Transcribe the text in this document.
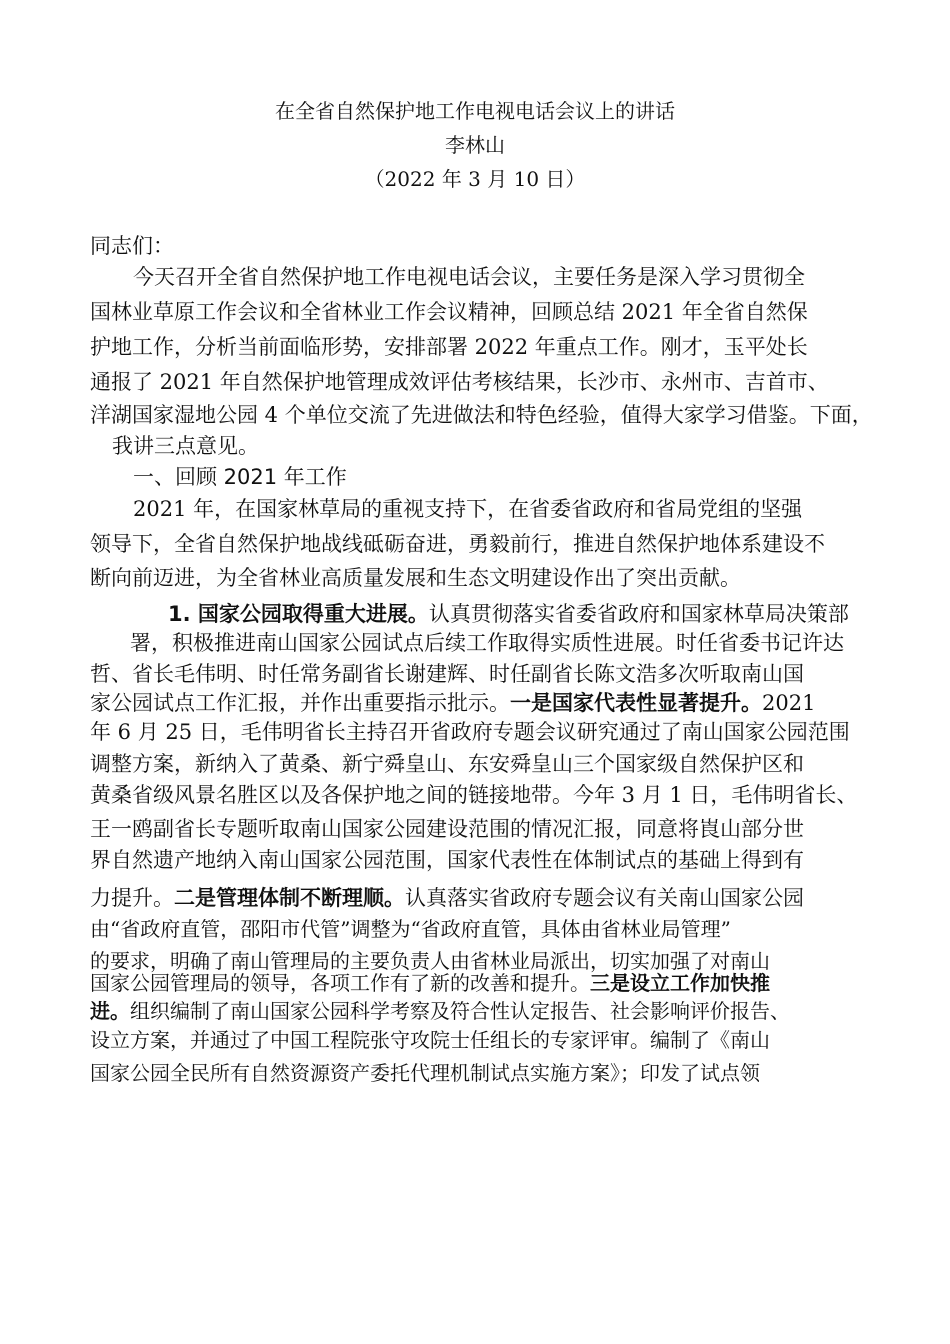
在全省自然保护地工作电视电话会议上的讲话
李林山
（2022 年 3 月 10 日）
同志们：
今天召开全省自然保护地工作电视电话会议，主要任务是深入学习贯彻全
国林业草原工作会议和全省林业工作会议精神，回顾总结 2021 年全省自然保
护地工作，分析当前面临形势，安排部署 2022 年重点工作。刚才，玉平处长
通报了 2021 年自然保护地管理成效评估考核结果，长沙市、永州市、吉首市、
洋湖国家湿地公园 4 个单位交流了先进做法和特色经验，值得大家学习借鉴。下面，
我讲三点意见。
一、回顾 2021 年工作
2021 年，在国家林草局的重视支持下，在省委省政府和省局党组的坚强
领导下，全省自然保护地战线砥砺奋进，勇毅前行，推进自然保护地体系建设不
断向前迈进，为全省林业高质量发展和生态文明建设作出了突出贡献。
1. 国家公园取得重大进展。认真贯彻落实省委省政府和国家林草局决策部
署，积极推进南山国家公园试点后续工作取得实质性进展。时任省委书记许达
哲、省长毛伟明、时任常务副省长谢建辉、时任副省长陈文浩多次听取南山国
家公园试点工作汇报，并作出重要指示批示。一是国家代表性显著提升。2021
年 6 月 25 日，毛伟明省长主持召开省政府专题会议研究通过了南山国家公园范围
调整方案，新纳入了黄桑、新宁舜皇山、东安舜皇山三个国家级自然保护区和
黄桑省级风景名胜区以及各保护地之间的链接地带。今年 3 月 1 日，毛伟明省长、
王一鸥副省长专题听取南山国家公园建设范围的情况汇报，同意将崀山部分世
界自然遗产地纳入南山国家公园范围，国家代表性在体制试点的基础上得到有
力提升。二是管理体制不断理顺。认真落实省政府专题会议有关南山国家公园
由“省政府直管，邵阳市代管”调整为“省政府直管，具体由省林业局管理”
的要求，明确了南山管理局的主要负责人由省林业局派出，切实加强了对南山
国家公园管理局的领导，各项工作有了新的改善和提升。三是设立工作加快推
进。组织编制了南山国家公园科学考察及符合性认定报告、社会影响评价报告、
设立方案，并通过了中国工程院张守攻院士任组长的专家评审。编制了《南山
国家公园全民所有自然资源资产委托代理机制试点实施方案》；印发了试点领
